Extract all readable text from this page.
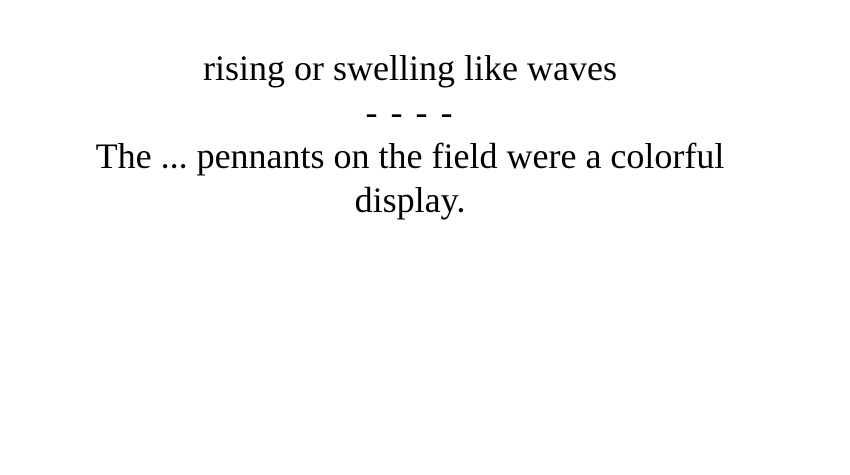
rising or swelling like waves
- - - -
The ... pennants on the field were a colorful display.
